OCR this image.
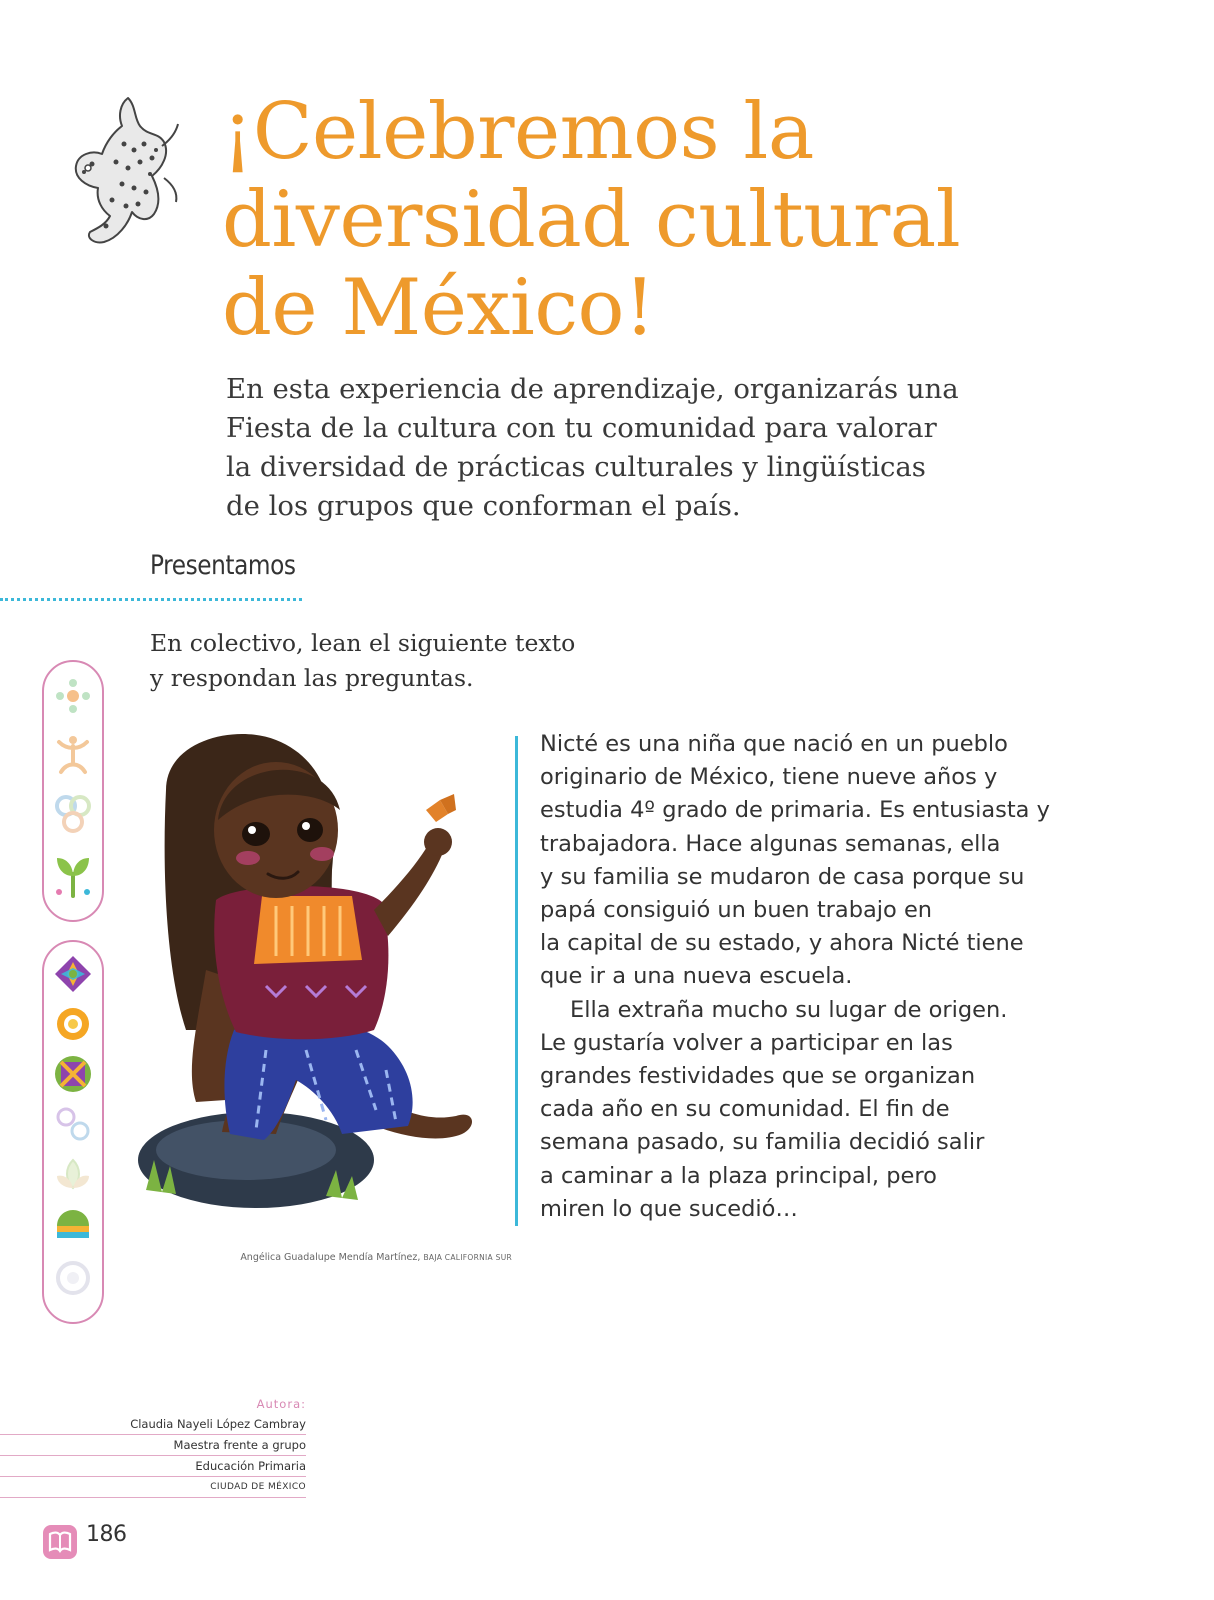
¡Celebremos la
diversidad cultural
de México!
En esta experiencia de aprendizaje, organizarás una
Fiesta de la cultura con tu comunidad para valorar
la diversidad de prácticas culturales y lingüísticas
de los grupos que conforman el país.
Presentamos
En colectivo, lean el siguiente texto
y respondan las preguntas.
Angélica Guadalupe Mendía Martínez, BAJA CALIFORNIA SUR
Nicté es una niña que nació en un pueblo
originario de México, tiene nueve años y
estudia 4º grado de primaria. Es entusiasta y
trabajadora. Hace algunas semanas, ella
y su familia se mudaron de casa porque su
papá consiguió un buen trabajo en
la capital de su estado, y ahora Nicté tiene
que ir a una nueva escuela.
Ella extraña mucho su lugar de origen.
Le gustaría volver a participar en las
grandes festividades que se organizan
cada año en su comunidad. El fin de
semana pasado, su familia decidió salir
a caminar a la plaza principal, pero
miren lo que sucedió…
Autora:
Claudia Nayeli López Cambray
Maestra frente a grupo
Educación Primaria
CIUDAD DE MÉXICO
186
